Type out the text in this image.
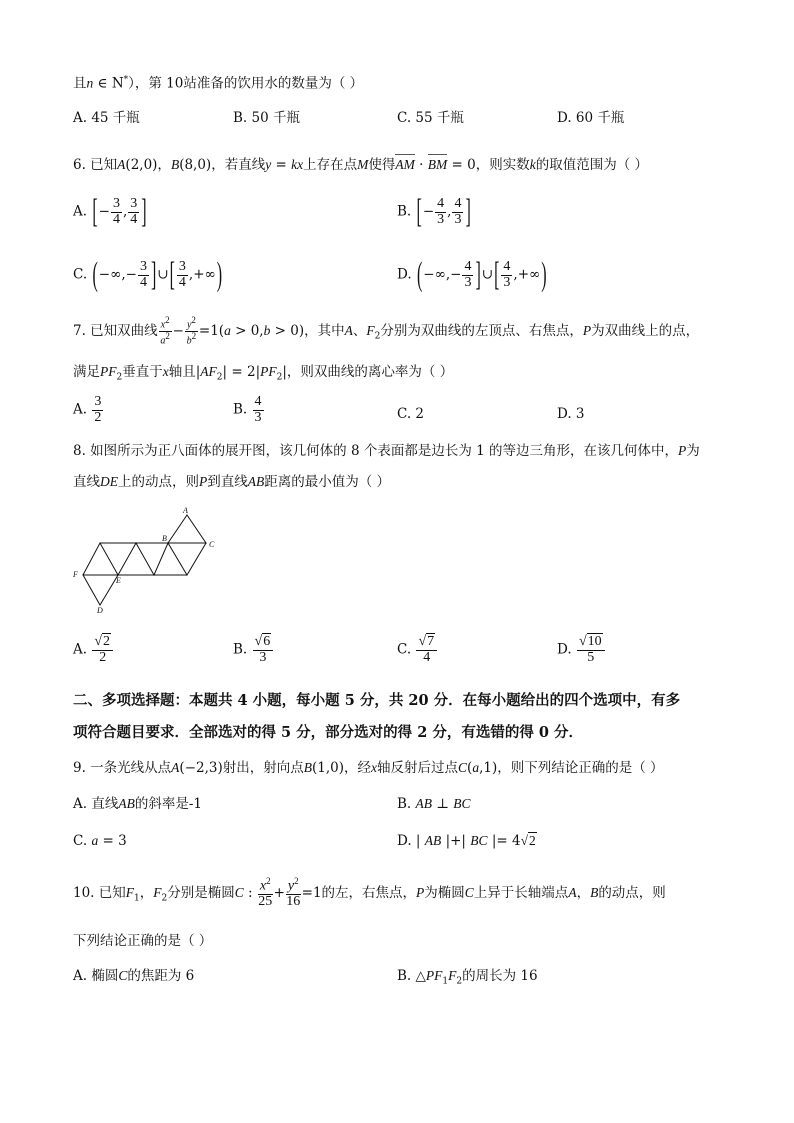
且n ∈ N*），第 10站准备的饮用水的数量为（ ）
A. 45 千瓶	B. 50 千瓶	C. 55 千瓶	D. 60 千瓶
6. 已知A(2,0)，B(8,0)，若直线y = kx上存在点M使得AM · BM = 0，则实数k的取值范围为（ ）
A. [− $\frac{3}{4}$ , $\frac{3}{4}$ ]	B. [− $\frac{4}{3}$ , $\frac{4}{3}$ ]
C. (−∞,− $\frac{3}{4}$ ]∪[ $\frac{3}{4}$ ,+∞)	D. (−∞,− $\frac{4}{3}$ ]∪[ $\frac{4}{3}$ ,+∞)
7. 已知双曲线 $\frac{x^2}{a^2} - \frac{y^2}{b^2} =1(a > 0,b > 0)$，其中A、$F_2$分别为双曲线的左顶点、右焦点，P为双曲线上的点，
满足$PF_2$垂直于x轴且$|AF_2| = 2|PF_2|$，则双曲线的离心率为（ ）
A. $\frac{3}{2}$	B. $\frac{4}{3}$	C. 2	D. 3
8. 如图所示为正八面体的展开图，该几何体的 8 个表面都是边长为 1 的等边三角形，在该几何体中，P为
直线DE上的动点，则P到直线AB距离的最小值为（ ）
A
B
C
D
E
F
A. $\frac{√2}{2}$	B. $\frac{√6}{3}$	C. $\frac{√7}{4}$	D. $\frac{√10}{5}$
二、多项选择题：本题共 4 小题，每小题 5 分，共 20 分．在每小题给出的四个选项中，有多
项符合题目要求．全部选对的得 5 分，部分选对的得 2 分，有选错的得 0 分．
9. 一条光线从点A(−2,3)射出，射向点B(1,0)，经x轴反射后过点C(a,1)，则下列结论正确的是（ ）
A. 直线AB的斜率是-1	B. AB ⊥ BC
C. a = 3	D. | AB |+| BC |= 4√2
10. 已知$F_1$，$F_2$分别是椭圆C : $\frac{x^2}{25} + \frac{y^2}{16} =1$的左，右焦点，P为椭圆C上异于长轴端点A，B的动点，则
下列结论正确的是（ ）
A. 椭圆C的焦距为 6	B. $\triangle PF_1F_2$的周长为 16
